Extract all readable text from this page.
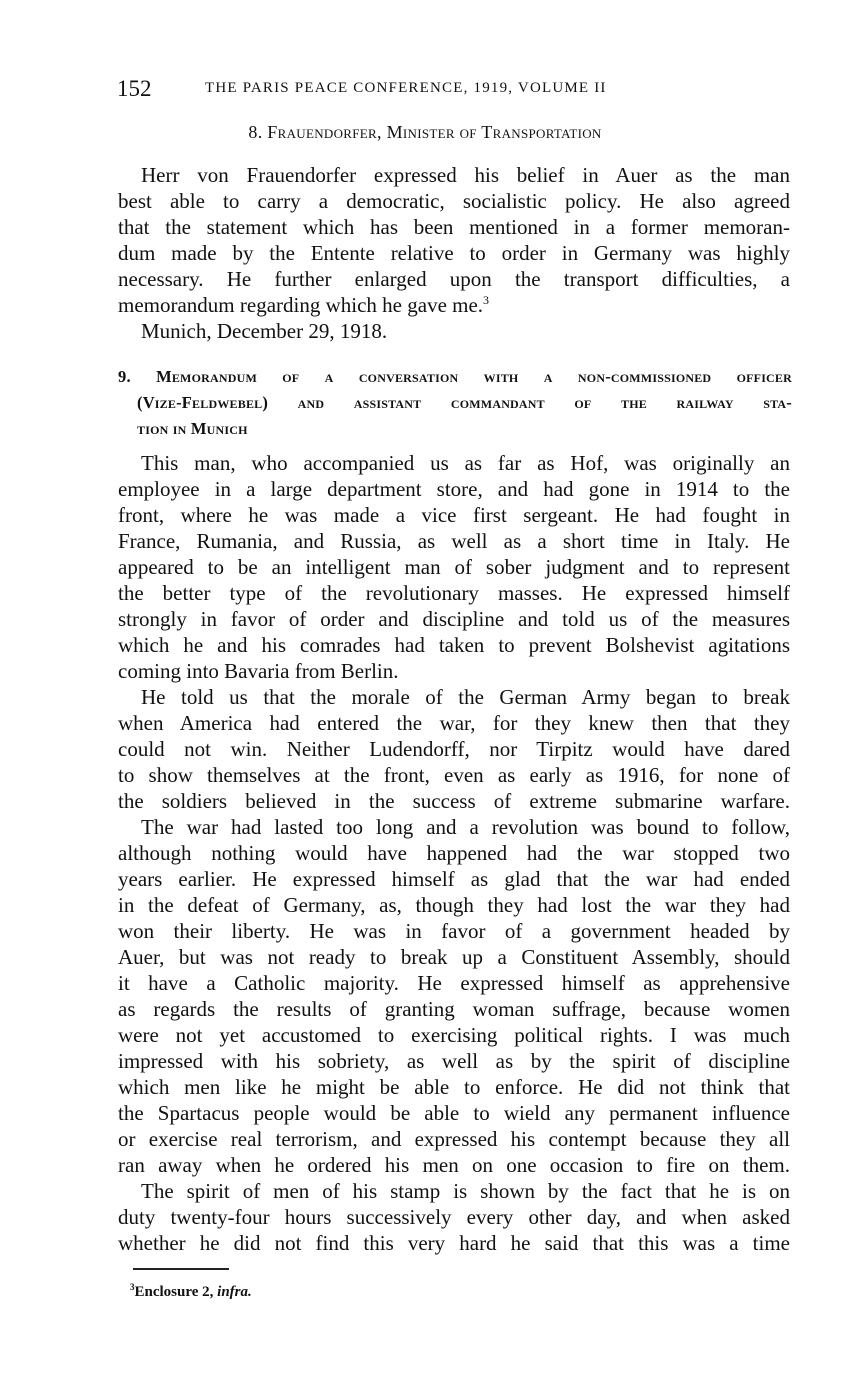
152	THE PARIS PEACE CONFERENCE, 1919, VOLUME II
8. Frauendorfer, Minister of Transportation
Herr von Frauendorfer expressed his belief in Auer as the man
best able to carry a democratic, socialistic policy. He also agreed
that the statement which has been mentioned in a former memoran-
dum made by the Entente relative to order in Germany was highly
necessary. He further enlarged upon the transport difficulties, a
memorandum regarding which he gave me.$^3$
Munich, December 29, 1918.
9. Memorandum of a conversation with a non-commissioned officer
(Vize-Feldwebel) and assistant commandant of the railway sta-
tion in Munich
This man, who accompanied us as far as Hof, was originally an
employee in a large department store, and had gone in 1914 to the
front, where he was made a vice first sergeant. He had fought in
France, Rumania, and Russia, as well as a short time in Italy. He
appeared to be an intelligent man of sober judgment and to represent
the better type of the revolutionary masses. He expressed himself
strongly in favor of order and discipline and told us of the measures
which he and his comrades had taken to prevent Bolshevist agitations
coming into Bavaria from Berlin.
He told us that the morale of the German Army began to break
when America had entered the war, for they knew then that they
could not win. Neither Ludendorff, nor Tirpitz would have dared
to show themselves at the front, even as early as 1916, for none of
the soldiers believed in the success of extreme submarine warfare.
The war had lasted too long and a revolution was bound to follow,
although nothing would have happened had the war stopped two
years earlier. He expressed himself as glad that the war had ended
in the defeat of Germany, as, though they had lost the war they had
won their liberty. He was in favor of a government headed by
Auer, but was not ready to break up a Constituent Assembly, should
it have a Catholic majority. He expressed himself as apprehensive
as regards the results of granting woman suffrage, because women
were not yet accustomed to exercising political rights. I was much
impressed with his sobriety, as well as by the spirit of discipline
which men like he might be able to enforce. He did not think that
the Spartacus people would be able to wield any permanent influence
or exercise real terrorism, and expressed his contempt because they all
ran away when he ordered his men on one occasion to fire on them.
The spirit of men of his stamp is shown by the fact that he is on
duty twenty-four hours successively every other day, and when asked
whether he did not find this very hard he said that this was a time
$^3$Enclosure 2, infra.
